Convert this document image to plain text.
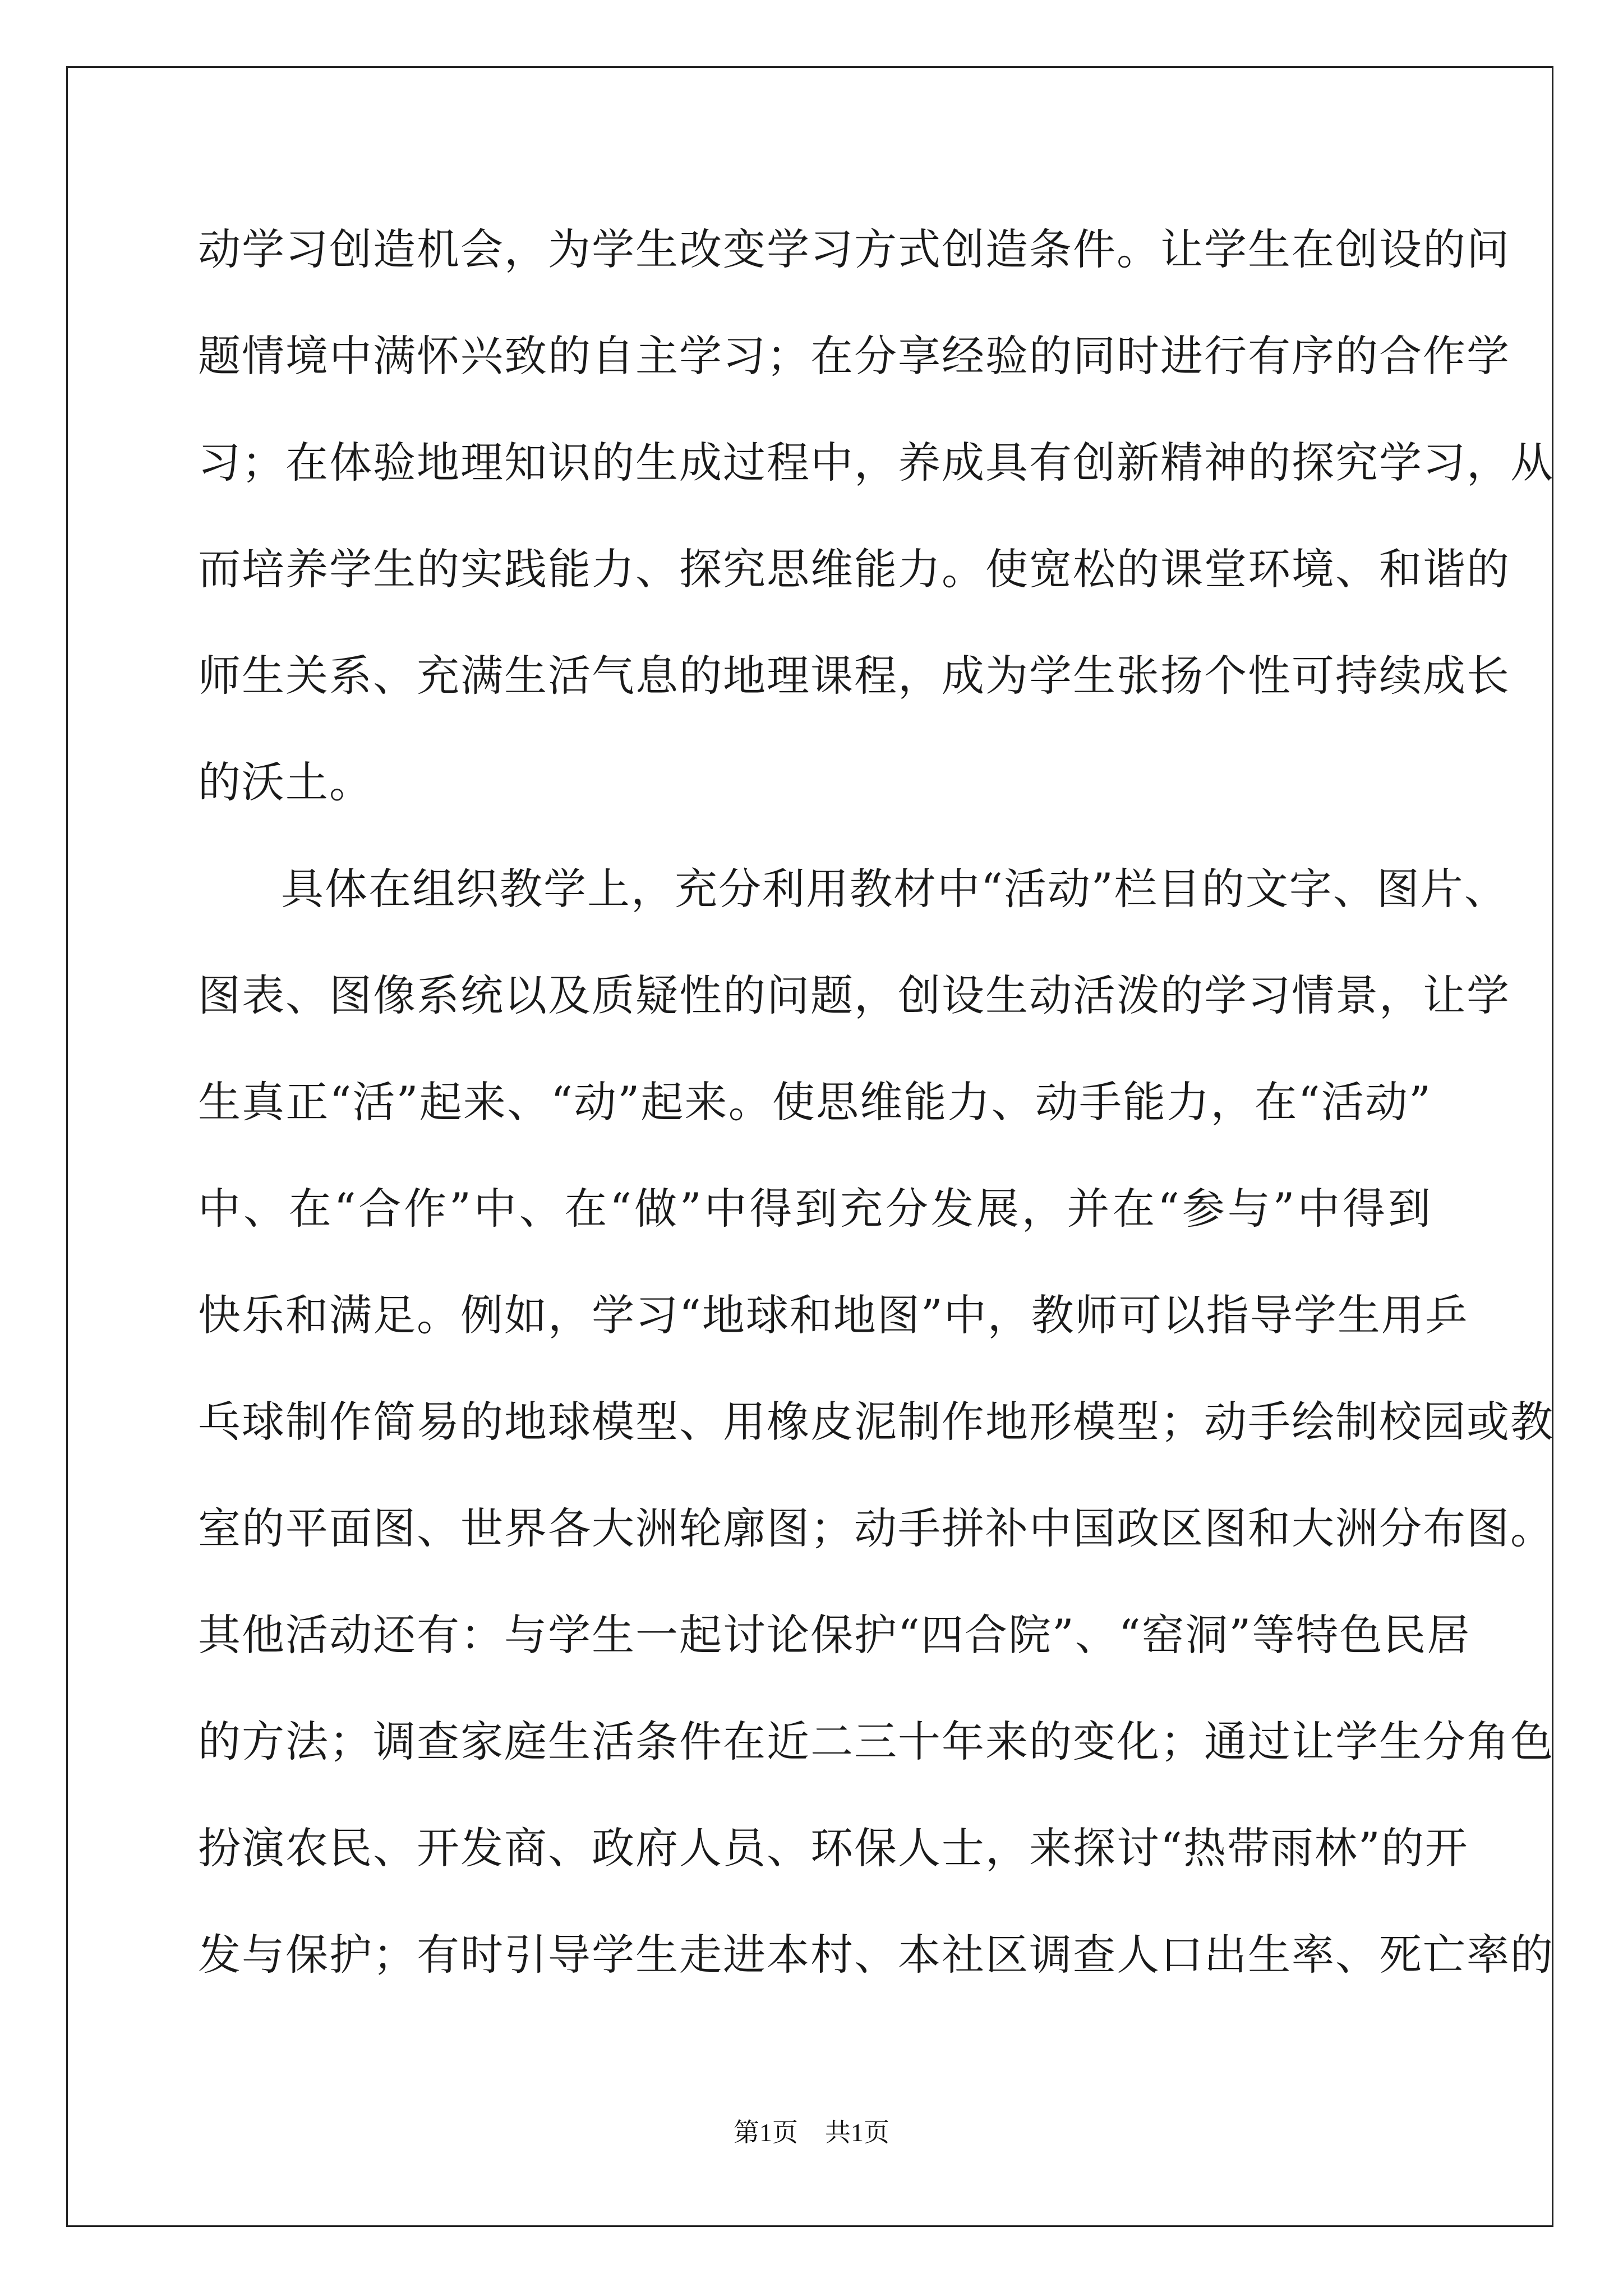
动学习创造机会，为学生改变学习方式创造条件。让学生在创设的问
题情境中满怀兴致的自主学习；在分享经验的同时进行有序的合作学
习；在体验地理知识的生成过程中，养成具有创新精神的探究学习，从
而培养学生的实践能力、探究思维能力。使宽松的课堂环境、和谐的
师生关系、充满生活气息的地理课程，成为学生张扬个性可持续成长
的沃土。
具体在组织教学上，充分利用教材中“活动”栏目的文字、图片、
图表、图像系统以及质疑性的问题，创设生动活泼的学习情景，让学
生真正“活”起来、“动”起来。使思维能力、动手能力，在“活动”
中、在“合作”中、在“做”中得到充分发展，并在“参与”中得到
快乐和满足。例如，学习“地球和地图”中，教师可以指导学生用乒
乓球制作简易的地球模型、用橡皮泥制作地形模型；动手绘制校园或教
室的平面图、世界各大洲轮廓图；动手拼补中国政区图和大洲分布图。
其他活动还有：与学生一起讨论保护“四合院”、“窑洞”等特色民居
的方法；调查家庭生活条件在近二三十年来的变化；通过让学生分角色
扮演农民、开发商、政府人员、环保人士，来探讨“热带雨林”的开
发与保护；有时引导学生走进本村、本社区调查人口出生率、死亡率的
第1页 共1页
